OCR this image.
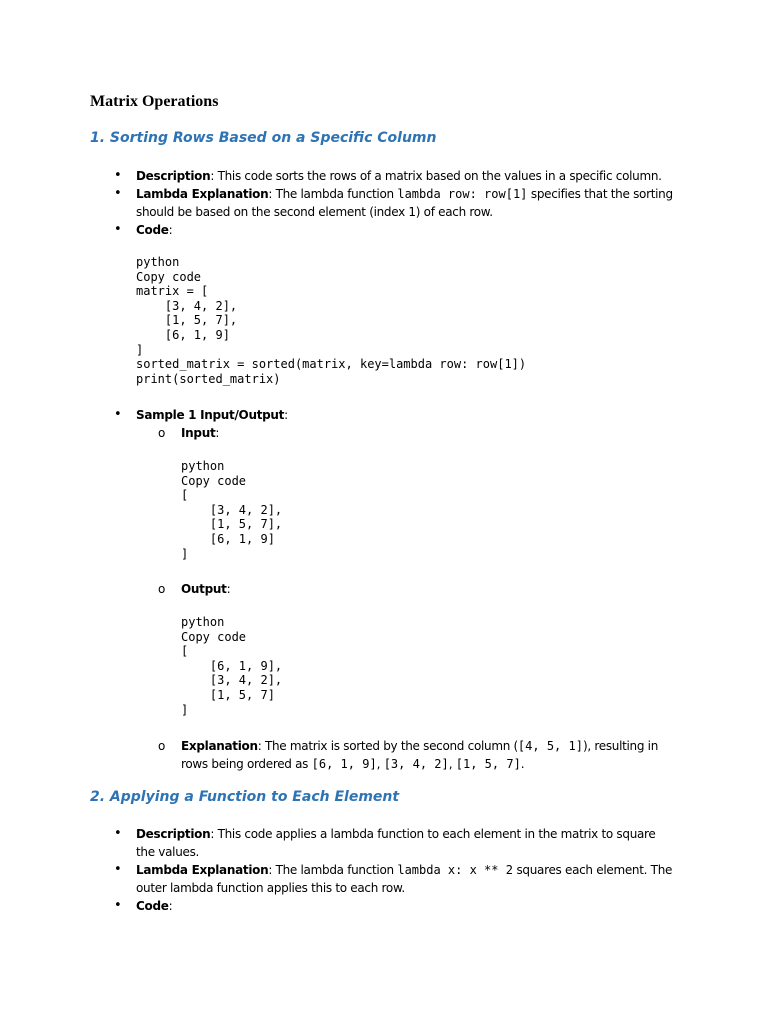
Matrix Operations
1. Sorting Rows Based on a Specific Column
• Description: This code sorts the rows of a matrix based on the values in a specific column.
• Lambda Explanation: The lambda function lambda row: row[1] specifies that the sorting should be based on the second element (index 1) of each row.
• Code:
python
Copy code
matrix = [
[3, 4, 2],
[1, 5, 7],
[6, 1, 9]
]
sorted_matrix = sorted(matrix, key=lambda row: row[1])
print(sorted_matrix)
• Sample 1 Input/Output:
o Input:
python
Copy code
[
[3, 4, 2],
[1, 5, 7],
[6, 1, 9]
]
o Output:
python
Copy code
[
[6, 1, 9],
[3, 4, 2],
[1, 5, 7]
]
o Explanation: The matrix is sorted by the second column ([4, 5, 1]), resulting in rows being ordered as [6, 1, 9], [3, 4, 2], [1, 5, 7].
2. Applying a Function to Each Element
• Description: This code applies a lambda function to each element in the matrix to square the values.
• Lambda Explanation: The lambda function lambda x: x ** 2 squares each element. The outer lambda function applies this to each row.
• Code:
